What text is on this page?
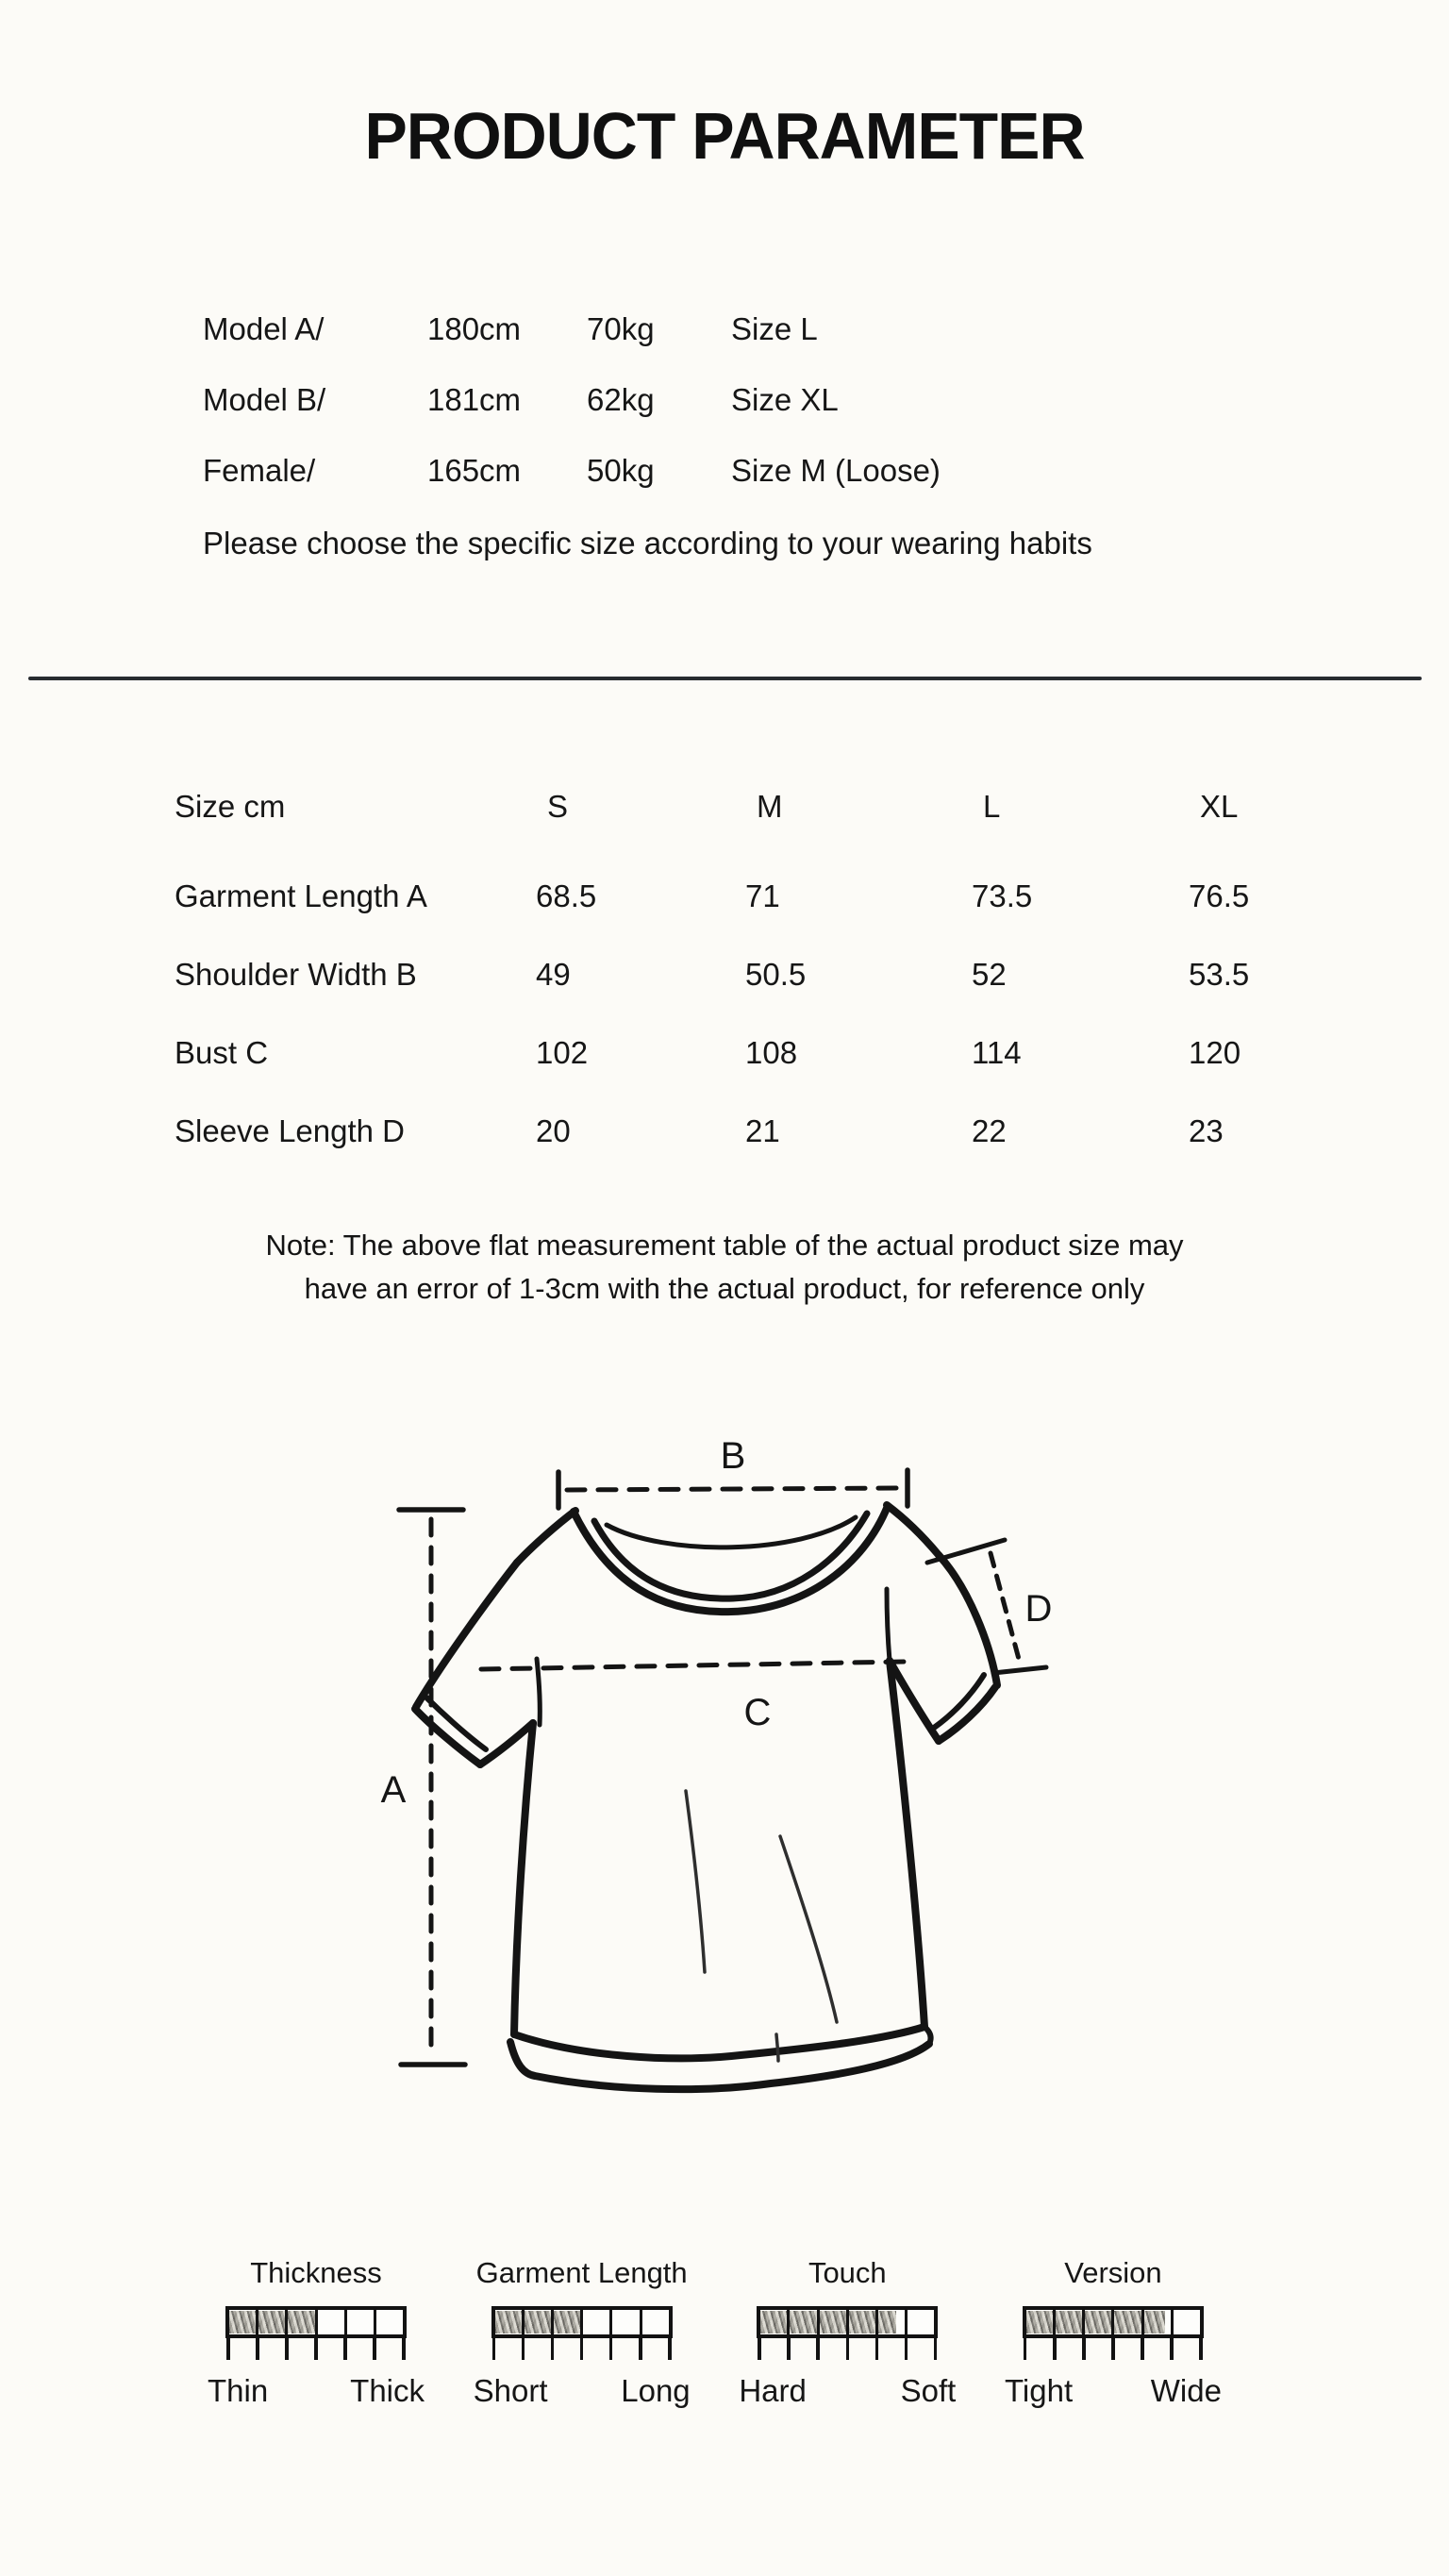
PRODUCT PARAMETER
Model A/	180cm 70kg Size L
Model B/	181cm 62kg Size XL
Female/	165cm 50kg Size M (Loose)

Please choose the specific size according to your wearing habits

Size cm	S	M	L	XL
Garment Length A	68.5	71	73.5	76.5
Shoulder Width B	49	50.5	52	53.5
Bust C	102	108	114	120
Sleeve Length D	20	21	22	23

Note: The above flat measurement table of the actual product size may
have an error of 1-3cm with the actual product, for reference only

B
A
C
D
Thickness
Thin	Thick
Garment Length
Short Long
Touch
Hard	Soft
Version
Tight	Wide
